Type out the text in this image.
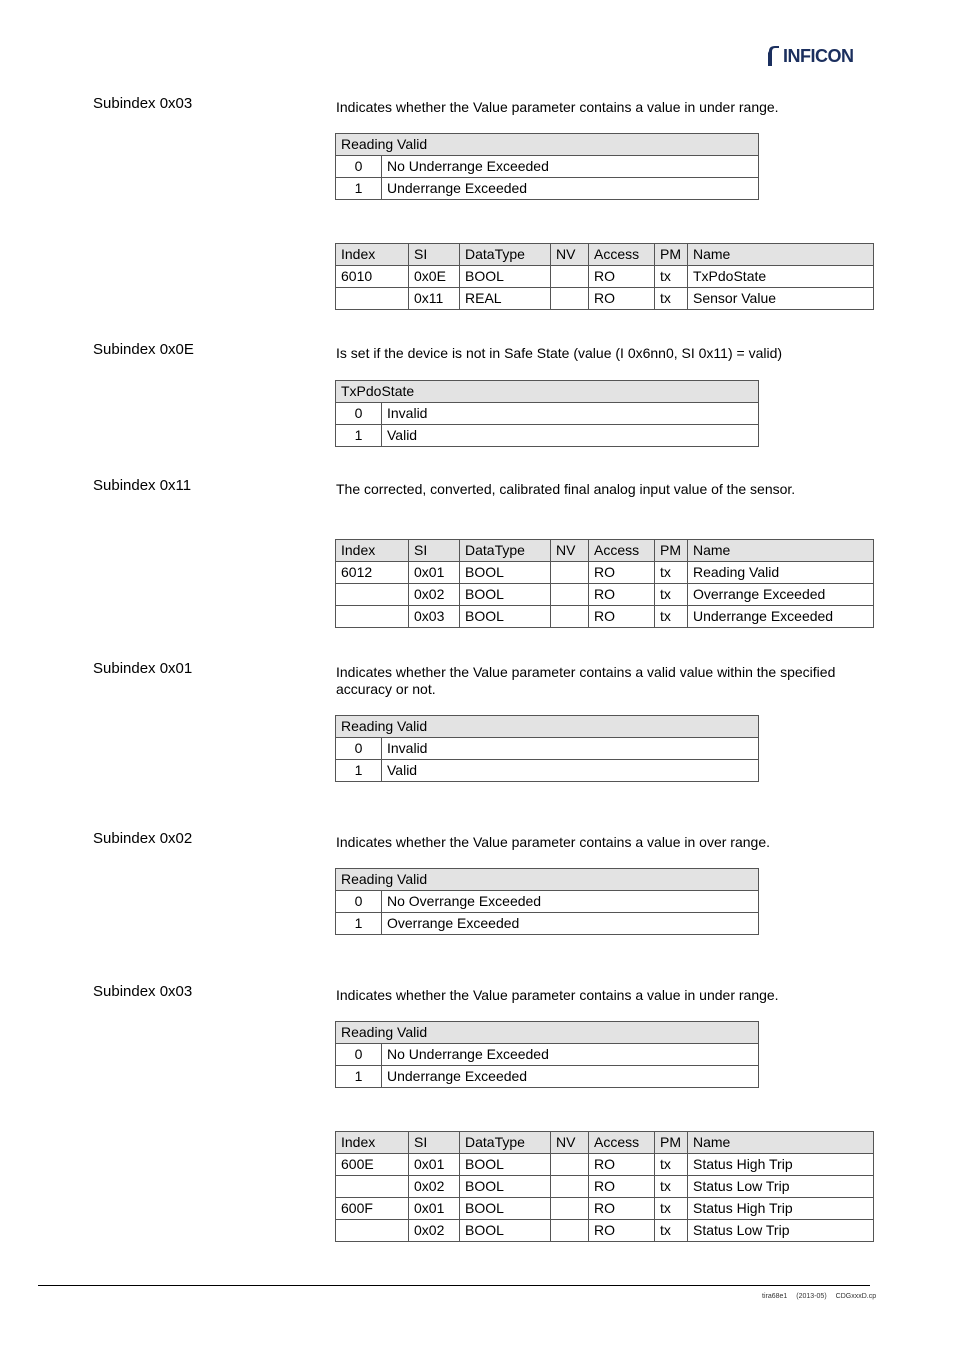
INFICON
Subindex 0x03	Indicates whether the Value parameter contains a value in under range.
Reading Valid	
0	No Underrange Exceeded
1	Underrange Exceeded
Index	SI	DataType	NV	Access	PM	Name
6010	0x0E	BOOL		RO	tx	TxPdoState
	0x11	REAL		RO	tx	Sensor Value
Subindex 0x0E	Is set if the device is not in Safe State (value (I 0x6nn0, SI 0x11) = valid)
TxPdoState	
0	Invalid
1	Valid
Subindex 0x11	The corrected, converted, calibrated final analog input value of the sensor.
Index	SI	DataType	NV	Access	PM	Name
6012	0x01	BOOL		RO	tx	Reading Valid
	0x02	BOOL		RO	tx	Overrange Exceeded
	0x03	BOOL		RO	tx	Underrange Exceeded
Subindex 0x01	Indicates whether the Value parameter contains a valid value within the specified accuracy or not.
Reading Valid	
0	Invalid
1	Valid
Subindex 0x02	Indicates whether the Value parameter contains a value in over range.
Reading Valid	
0	No Overrange Exceeded
1	Overrange Exceeded
Subindex 0x03	Indicates whether the Value parameter contains a value in under range.
Reading Valid	
0	No Underrange Exceeded
1	Underrange Exceeded
Index	SI	DataType	NV	Access	PM	Name
600E	0x01	BOOL		RO	tx	Status High Trip
	0x02	BOOL		RO	tx	Status Low Trip
600F	0x01	BOOL		RO	tx	Status High Trip
	0x02	BOOL		RO	tx	Status Low Trip
tira68e1 (2013-05) CDGxxxD.cp
